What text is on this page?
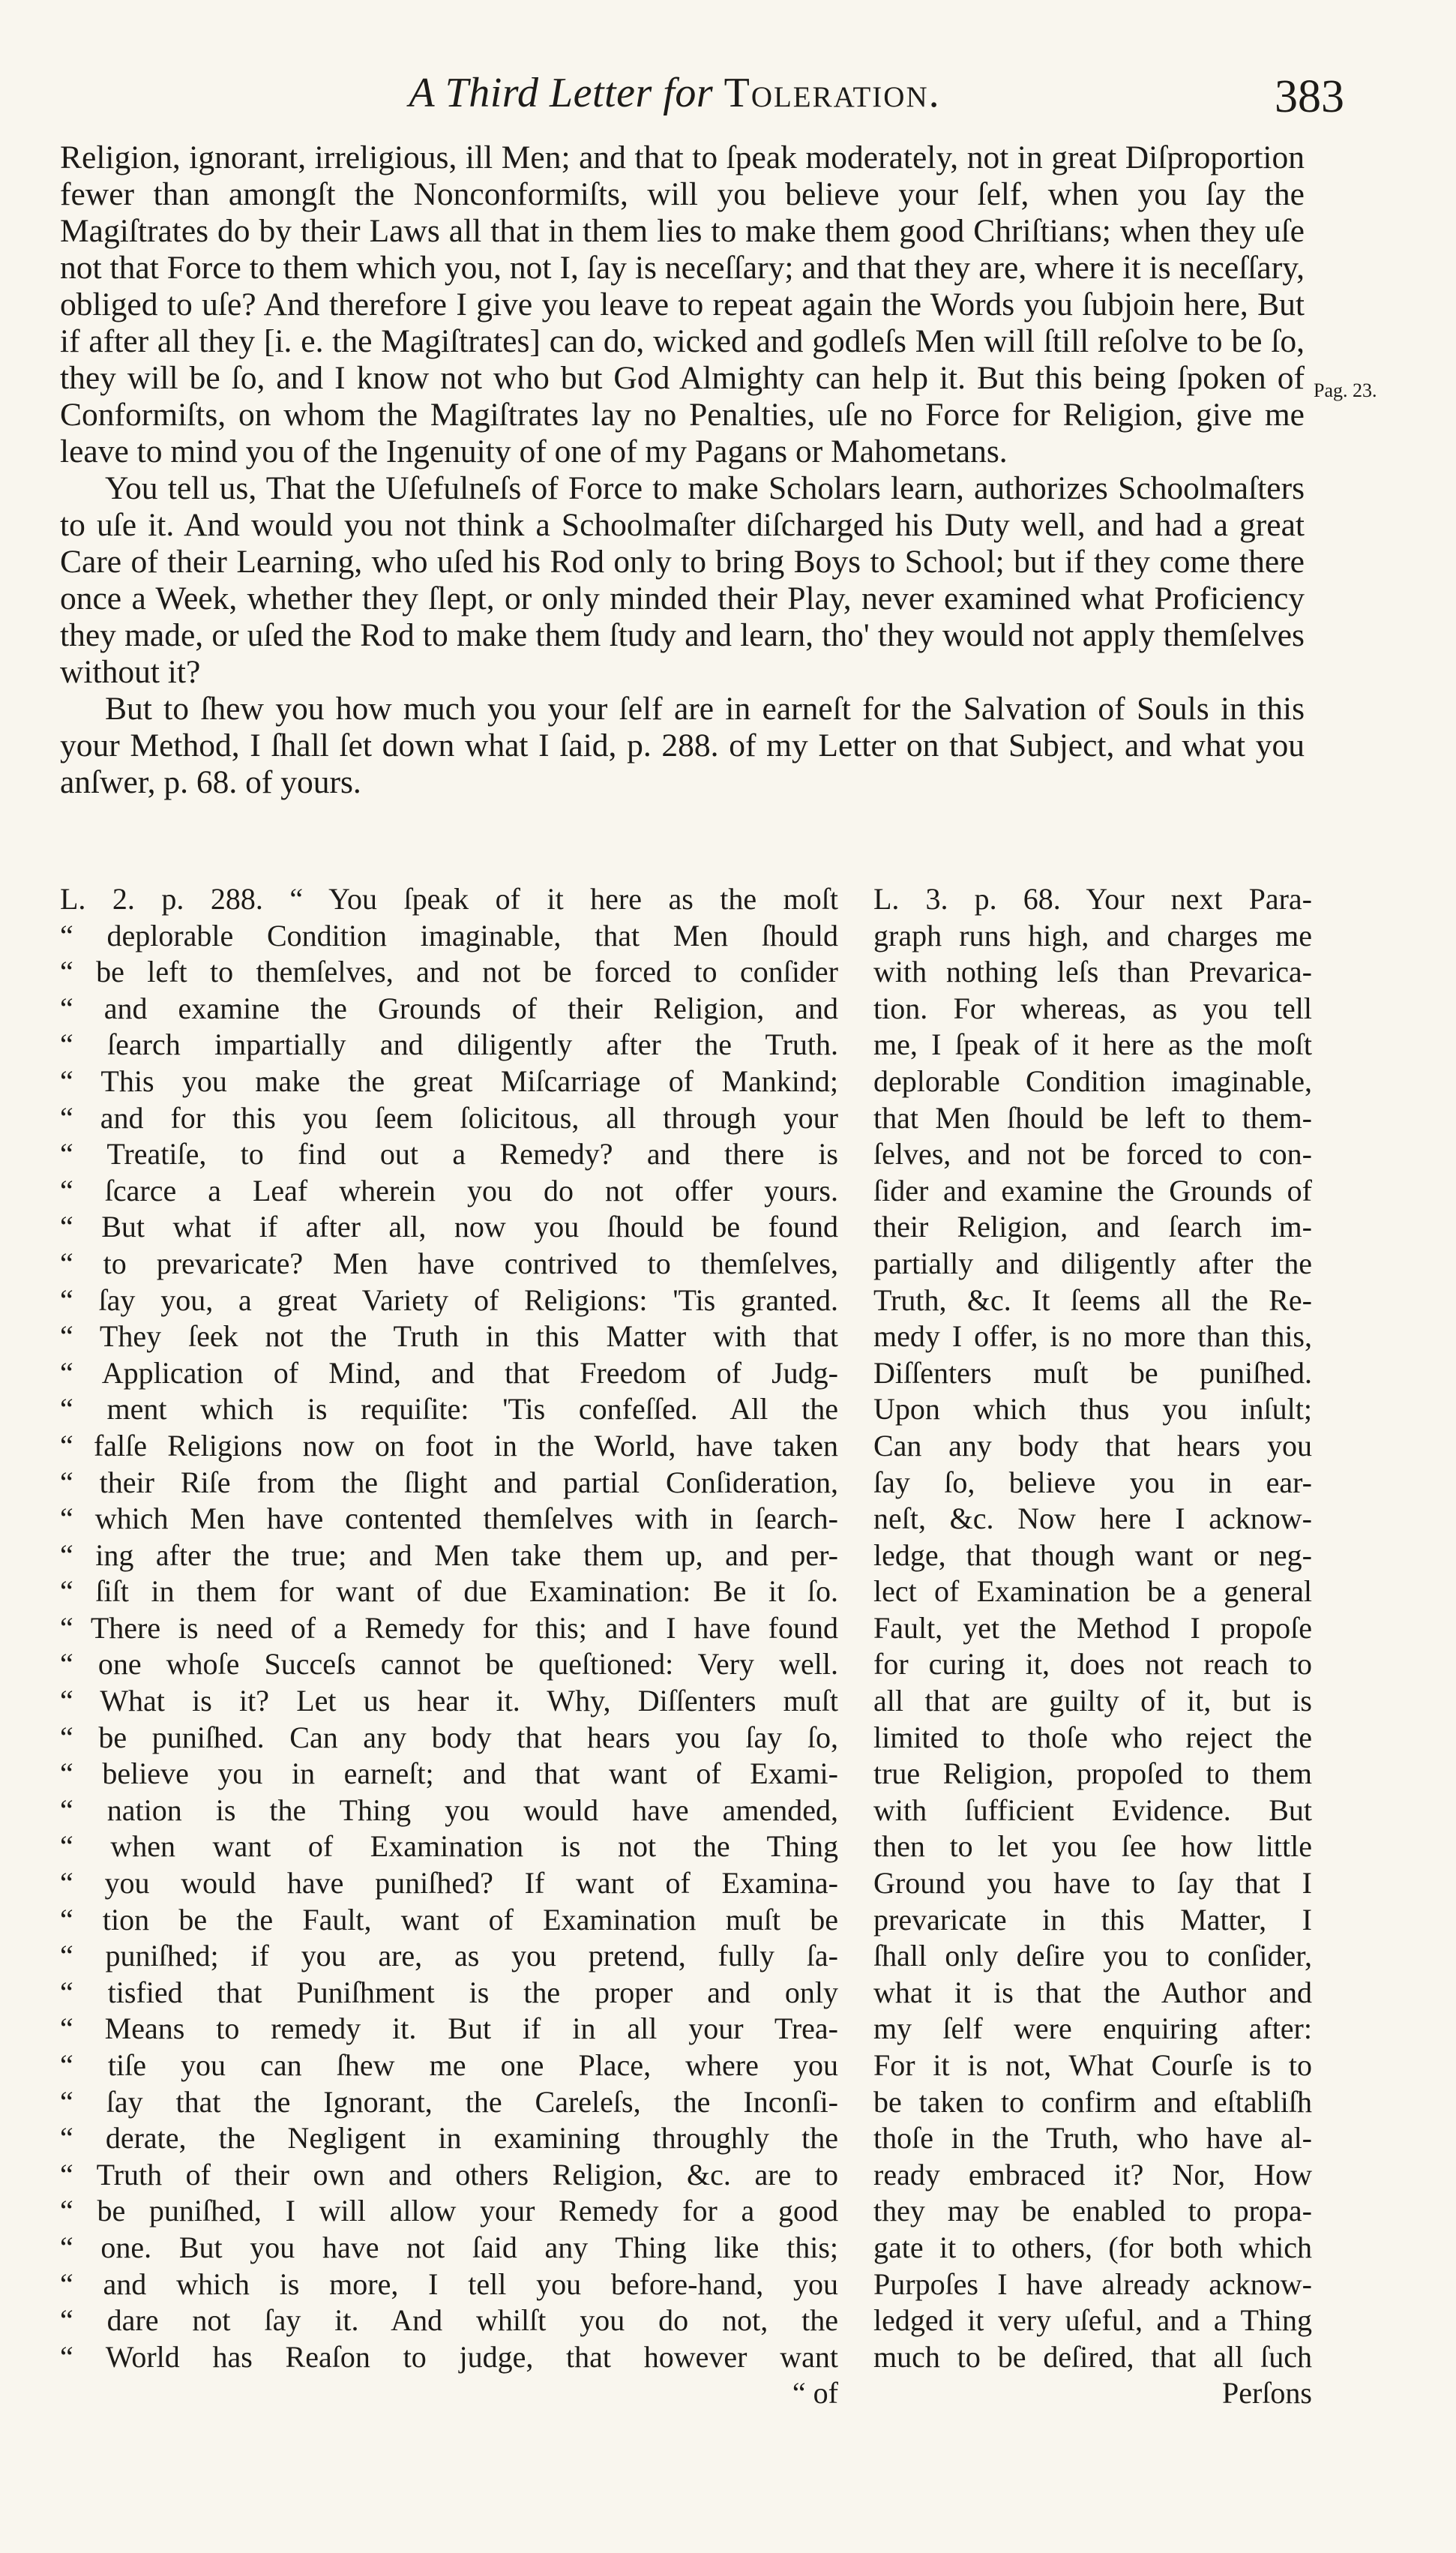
A Third Letter for Toleration.	383

Religion, ignorant, irreligious, ill Men; and that to ſpeak moderately, not in great Diſproportion fewer than amongſt the Nonconformiſts, will you believe your ſelf, when you ſay the Magiſtrates do by their Laws all that in them lies to make them good Chriſtians; when they uſe not that Force to them which you, not I, ſay is neceſſary; and that they are, where it is neceſſary, obliged to uſe? And therefore I give you leave to repeat again the Words you ſubjoin here, But if after all they [i. e. the Magiſtrates] can do, wicked and godleſs Men will ſtill reſolve to be ſo, they will be ſo, and I know not who but God Almighty can help it. But this being ſpoken of Conformiſts, on whom the Magiſtrates lay no Penalties, uſe no Force for Religion, give me leave to mind you of the Ingenuity of one of my Pagans or Mahometans.

You tell us, That the Uſefulneſs of Force to make Scholars learn, authorizes Schoolmaſters to uſe it. And would you not think a Schoolmaſter diſcharged his Duty well, and had a great Care of their Learning, who uſed his Rod only to bring Boys to School; but if they come there once a Week, whether they ſlept, or only minded their Play, never examined what Proficiency they made, or uſed the Rod to make them ſtudy and learn, tho' they would not apply themſelves without it?

But to ſhew you how much you your ſelf are in earneſt for the Salvation of Souls in this your Method, I ſhall ſet down what I ſaid, p. 288. of my Letter on that Subject, and what you anſwer, p. 68. of yours.

Pag. 23.
L. 2. p. 288. “ You ſpeak of it here as the moſt
“ deplorable Condition imaginable, that Men ſhould
“ be left to themſelves, and not be forced to conſider
“ and examine the Grounds of their Religion, and
“ ſearch impartially and diligently after the Truth.
“ This you make the great Miſcarriage of Mankind;
“ and for this you ſeem ſolicitous, all through your
“ Treatiſe, to find out a Remedy? and there is
“ ſcarce a Leaf wherein you do not offer yours.
“ But what if after all, now you ſhould be found
“ to prevaricate? Men have contrived to themſelves,
“ ſay you, a great Variety of Religions: 'Tis granted.
“ They ſeek not the Truth in this Matter with that
“ Application of Mind, and that Freedom of Judg-
“ ment which is requiſite: 'Tis confeſſed. All the
“ falſe Religions now on foot in the World, have taken
“ their Riſe from the ſlight and partial Conſideration,
“ which Men have contented themſelves with in ſearch-
“ ing after the true; and Men take them up, and per-
“ ſiſt in them for want of due Examination: Be it ſo.
“ There is need of a Remedy for this; and I have found
“ one whoſe Succeſs cannot be queſtioned: Very well.
“ What is it? Let us hear it. Why, Diſſenters muſt
“ be puniſhed. Can any body that hears you ſay ſo,
“ believe you in earneſt; and that want of Exami-
“ nation is the Thing you would have amended,
“ when want of Examination is not the Thing
“ you would have puniſhed? If want of Examina-
“ tion be the Fault, want of Examination muſt be
“ puniſhed; if you are, as you pretend, fully ſa-
“ tisfied that Puniſhment is the proper and only
“ Means to remedy it. But if in all your Trea-
“ tiſe you can ſhew me one Place, where you
“ ſay that the Ignorant, the Careleſs, the Inconſi-
“ derate, the Negligent in examining throughly the
“ Truth of their own and others Religion, &c. are to
“ be puniſhed, I will allow your Remedy for a good
“ one. But you have not ſaid any Thing like this;
“ and which is more, I tell you before-hand, you
“ dare not ſay it. And whilſt you do not, the
“ World has Reaſon to judge, that however want
“ of
L. 3. p. 68. Your next Para-
graph runs high, and charges me
with nothing leſs than Prevarica-
tion. For whereas, as you tell
me, I ſpeak of it here as the moſt
deplorable Condition imaginable,
that Men ſhould be left to them-
ſelves, and not be forced to con-
ſider and examine the Grounds of
their Religion, and ſearch im-
partially and diligently after the
Truth, &c. It ſeems all the Re-
medy I offer, is no more than this,
Diſſenters muſt be puniſhed.
Upon which thus you inſult;
Can any body that hears you
ſay ſo, believe you in ear-
neſt, &c. Now here I acknow-
ledge, that though want or neg-
lect of Examination be a general
Fault, yet the Method I propoſe
for curing it, does not reach to
all that are guilty of it, but is
limited to thoſe who reject the
true Religion, propoſed to them
with ſufficient Evidence. But
then to let you ſee how little
Ground you have to ſay that I
prevaricate in this Matter, I
ſhall only deſire you to conſider,
what it is that the Author and
my ſelf were enquiring after:
For it is not, What Courſe is to
be taken to confirm and eſtabliſh
thoſe in the Truth, who have al-
ready embraced it? Nor, How
they may be enabled to propa-
gate it to others, (for both which
Purpoſes I have already acknow-
ledged it very uſeful, and a Thing
much to be deſired, that all ſuch
Perſons
